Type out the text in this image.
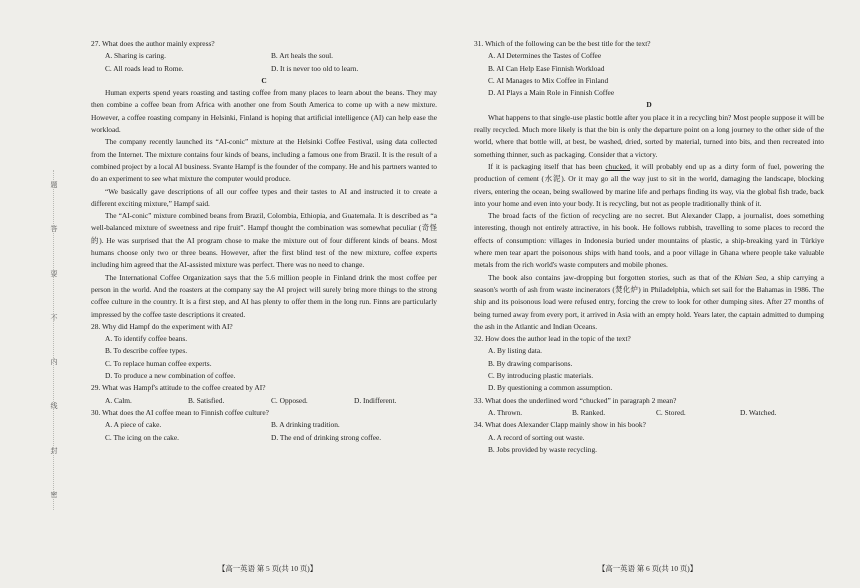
题
答
要
不
内
线
封
密

27. What does the author mainly express?

A. Sharing is caring.	B. Art heals the soul.
C. All roads lead to Rome.	D. It is never too old to learn.

C

Human experts spend years roasting and tasting coffee from many places to learn about the beans. They may then combine a coffee bean from Africa with another one from South America to come up with a new mixture. However, a coffee roasting company in Helsinki, Finland is hoping that artificial intelligence (AI) can help ease the workload.

The company recently launched its “AI-conic” mixture at the Helsinki Coffee Festival, using data collected from the Internet. The mixture contains four kinds of beans, including a famous one from Brazil. It is the result of a combined project by a local AI business. Svante Hampf is the founder of the company. He and his partners wanted to do an experiment to see what mixture the computer would produce.

“We basically gave descriptions of all our coffee types and their tastes to AI and instructed it to create a different exciting mixture,” Hampf said.

The “AI-conic” mixture combined beans from Brazil, Colombia, Ethiopia, and Guatemala. It is described as “a well-balanced mixture of sweetness and ripe fruit”. Hampf thought the combination was somewhat peculiar (奇怪的). He was surprised that the AI program chose to make the mixture out of four different kinds of beans. Most humans choose only two or three beans. However, after the first blind test of the new mixture, coffee experts including him agreed that the AI-assisted mixture was perfect. There was no need to change.

The International Coffee Organization says that the 5.6 million people in Finland drink the most coffee per person in the world. And the roasters at the company say the AI project will surely bring more things to the strong coffee culture in the country. It is a first step, and AI has plenty to offer them in the long run. Finns are particularly impressed by the coffee taste descriptions it created.

28. Why did Hampf do the experiment with AI?

A. To identify coffee beans.

B. To describe coffee types.

C. To replace human coffee experts.

D. To produce a new combination of coffee.

29. What was Hampf's attitude to the coffee created by AI?

A. Calm.	B. Satisfied.	C. Opposed.	D. Indifferent.

30. What does the AI coffee mean to Finnish coffee culture?

A. A piece of cake.	B. A drinking tradition.
C. The icing on the cake.	D. The end of drinking strong coffee.

31. Which of the following can be the best title for the text?

A. AI Determines the Tastes of Coffee

B. AI Can Help Ease Finnish Workload

C. AI Manages to Mix Coffee in Finland

D. AI Plays a Main Role in Finnish Coffee

D

What happens to that single-use plastic bottle after you place it in a recycling bin? Most people suppose it will be really recycled. Much more likely is that the bin is only the departure point on a long journey to the other side of the world, where that bottle will, at best, be washed, dried, sorted by material, turned into bits, and then recreated into something thinner, such as packaging. Consider that a victory.

If it is packaging itself that has been chucked, it will probably end up as a dirty form of fuel, powering the production of cement (水泥). Or it may go all the way just to sit in the world, damaging the landscape, blocking rivers, entering the ocean, being swallowed by marine life and perhaps finding its way, via the global fish trade, back into your home and even into your body. It is recycling, but not as people traditionally think of it.

The broad facts of the fiction of recycling are no secret. But Alexander Clapp, a journalist, does something interesting, though not entirely attractive, in his book. He follows rubbish, travelling to some places to record the effects of consumption: villages in Indonesia buried under mountains of plastic, a ship-breaking yard in Türkiye where men tear apart the poisonous ships with hand tools, and a poor village in Ghana where people take valuable metals from the rich world's waste computers and mobile phones.

The book also contains jaw-dropping but forgotten stories, such as that of the Khian Sea, a ship carrying a season's worth of ash from waste incinerators (焚化炉) in Philadelphia, which set sail for the Bahamas in 1986. The ship and its poisonous load were refused entry, forcing the crew to look for other dumping sites. After 27 months of being turned away from every port, it arrived in Asia with an empty hold. Years later, the captain admitted to dumping the ash in the Atlantic and Indian Oceans.

32. How does the author lead in the topic of the text?

A. By listing data.

B. By drawing comparisons.

C. By introducing plastic materials.

D. By questioning a common assumption.

33. What does the underlined word “chucked” in paragraph 2 mean?

A. Thrown.	B. Ranked.	C. Stored.	D. Watched.

34. What does Alexander Clapp mainly show in his book?

A. A record of sorting out waste.

B. Jobs provided by waste recycling.

【高一英语 第 5 页(共 10 页)】	【高一英语 第 6 页(共 10 页)】
